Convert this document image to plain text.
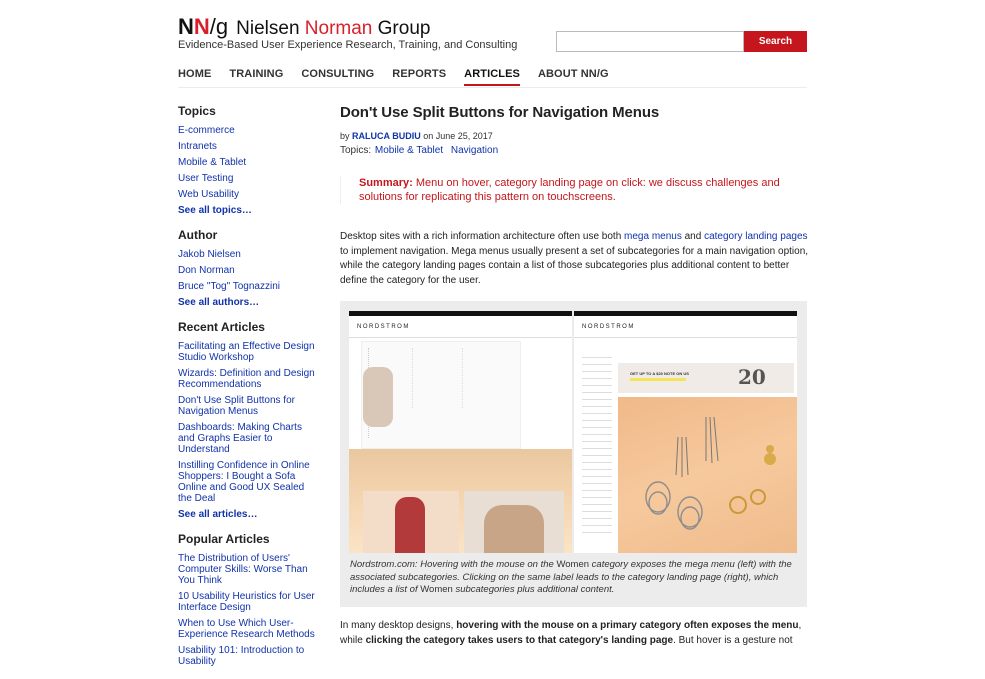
NN/g Nielsen Norman Group
Evidence-Based User Experience Research, Training, and Consulting	Search
HOME TRAINING CONSULTING REPORTS ARTICLES ABOUT NN/G
Topics
E-commerce
Intranets
Mobile & Tablet
User Testing
Web Usability
See all topics…
Author
Jakob Nielsen
Don Norman
Bruce "Tog" Tognazzini
See all authors…
Recent Articles
Facilitating an Effective Design Studio Workshop
Wizards: Definition and Design Recommendations
Don't Use Split Buttons for Navigation Menus
Dashboards: Making Charts and Graphs Easier to Understand
Instilling Confidence in Online Shoppers: I Bought a Sofa Online and Good UX Sealed the Deal
See all articles…
Popular Articles
The Distribution of Users' Computer Skills: Worse Than You Think
10 Usability Heuristics for User Interface Design
When to Use Which User-Experience Research Methods
Usability 101: Introduction to Usability
Don't Use Split Buttons for Navigation Menus
by RALUCA BUDIU on June 25, 2017
Topics: Mobile & Tablet Navigation
Summary: Menu on hover, category landing page on click: we discuss challenges and solutions for replicating this pattern on touchscreens.

Desktop sites with a rich information architecture often use both mega menus and category landing pages to implement navigation. Mega menus usually present a set of subcategories for a main navigation option, while the category landing pages contain a list of those subcategories plus additional content to better define the category for the user.

NORDSTROM	NORDSTROM
GET UP TO A $20 NOTE ON US 20

Nordstrom.com: Hovering with the mouse on the Women category exposes the mega menu (left) with the associated subcategories. Clicking on the same label leads to the category landing page (right), which includes a list of Women subcategories plus additional content.

In many desktop designs, hovering with the mouse on a primary category often exposes the menu, while clicking the category takes users to that category's landing page. But hover is a gesture not
